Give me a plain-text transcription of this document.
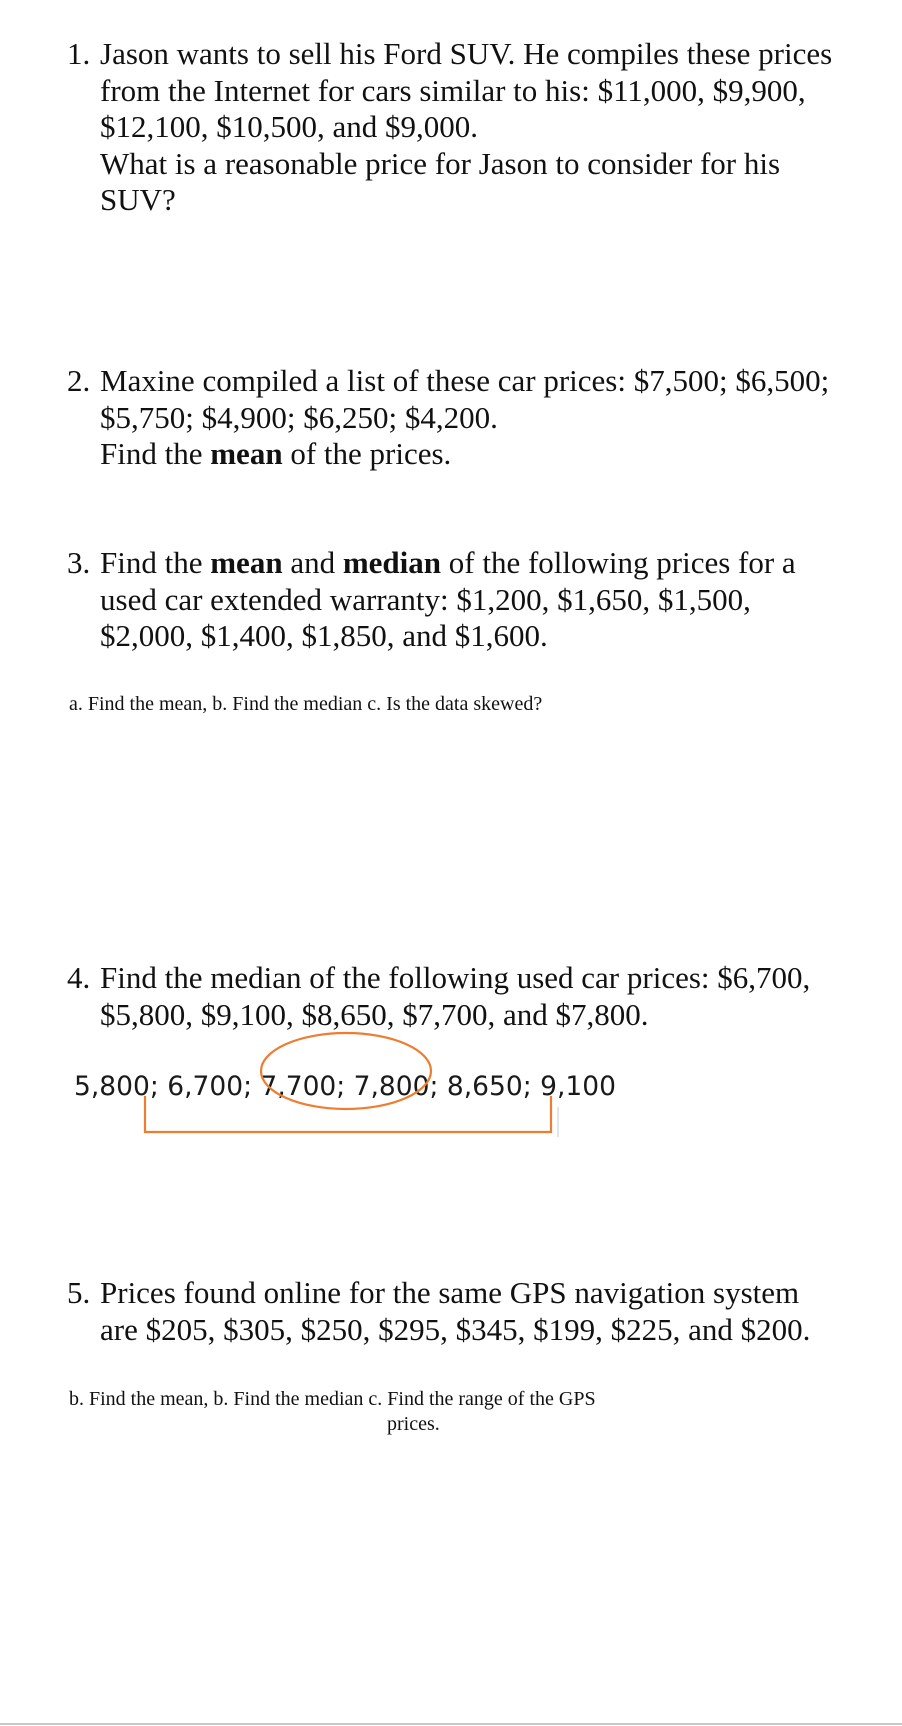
1. Jason wants to sell his Ford SUV. He compiles these prices
from the Internet for cars similar to his: $11,000, $9,900,
$12,100, $10,500, and $9,000.
What is a reasonable price for Jason to consider for his
SUV?
2. Maxine compiled a list of these car prices: $7,500; $6,500;
$5,750; $4,900; $6,250; $4,200.
Find the mean of the prices.
3. Find the mean and median of the following prices for a
used car extended warranty: $1,200, $1,650, $1,500,
$2,000, $1,400, $1,850, and $1,600.
a. Find the mean, b. Find the median c. Is the data skewed?
4. Find the median of the following used car prices: $6,700,
$5,800, $9,100, $8,650, $7,700, and $7,800.
5,800; 6,700; 7,700; 7,800; 8,650; 9,100
5. Prices found online for the same GPS navigation system
are $205, $305, $250, $295, $345, $199, $225, and $200.
b. Find the mean, b. Find the median c. Find the range of the GPS
prices.
